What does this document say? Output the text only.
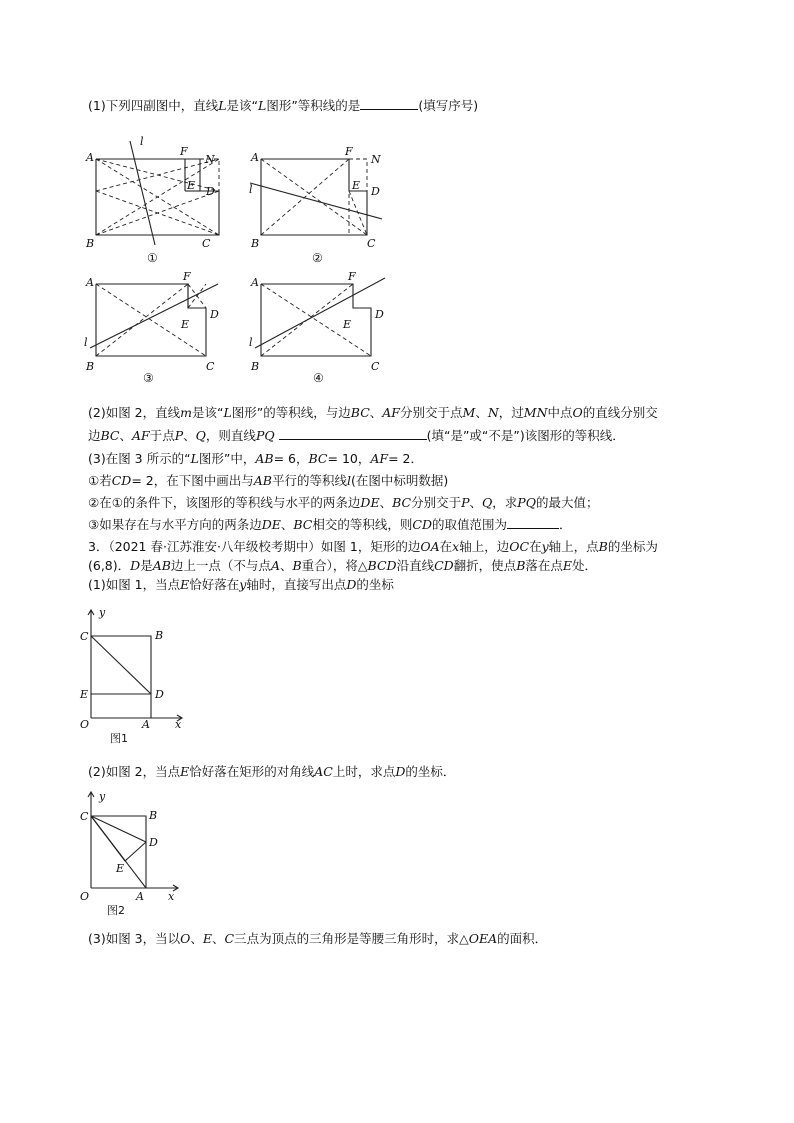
(1)下列四副图中，直线L是该“L图形”等积线的是	(填写序号)
A	F
N
E D
B	C
l
①
A	F
N
E D
B	C
l
②
A	F
E
D
B	C
l
③
A	F
E
D
B	C
l
④
(2)如图 2，直线m是该“L图形”的等积线，与边BC、AF分别交于点M、N，过MN中点O的直线分别交
边BC、AF于点P、Q，则直线PQ	(填“是”或“不是”)该图形的等积线．
(3)在图 3 所示的“L图形”中，AB= 6，BC= 10，AF= 2．
①若CD= 2，在下图中画出与AB平行的等积线l(在图中标明数据)
②在①的条件下，该图形的等积线与水平的两条边DE、BC分别交于P、Q，求PQ的最大值；
③如果存在与水平方向的两条边DE、BC相交的等积线，则CD的取值范围为	．
3．（2021 春·江苏淮安·八年级校考期中）如图 1，矩形的边OA在x轴上，边OC在y轴上，点B的坐标为
(6,8)．D是AB边上一点（不与点A、B重合），将△BCD沿直线CD翻折，使点B落在点E处．
(1)如图 1，当点E恰好落在y轴时，直接写出点D的坐标
y
C	B
E	D
O	A x
图1
(2)如图 2，当点E恰好落在矩形的对角线AC上时，求点D的坐标．
y
C	B
D
E
O	A x
图2
(3)如图 3，当以O、E、C三点为顶点的三角形是等腰三角形时，求△OEA的面积．
